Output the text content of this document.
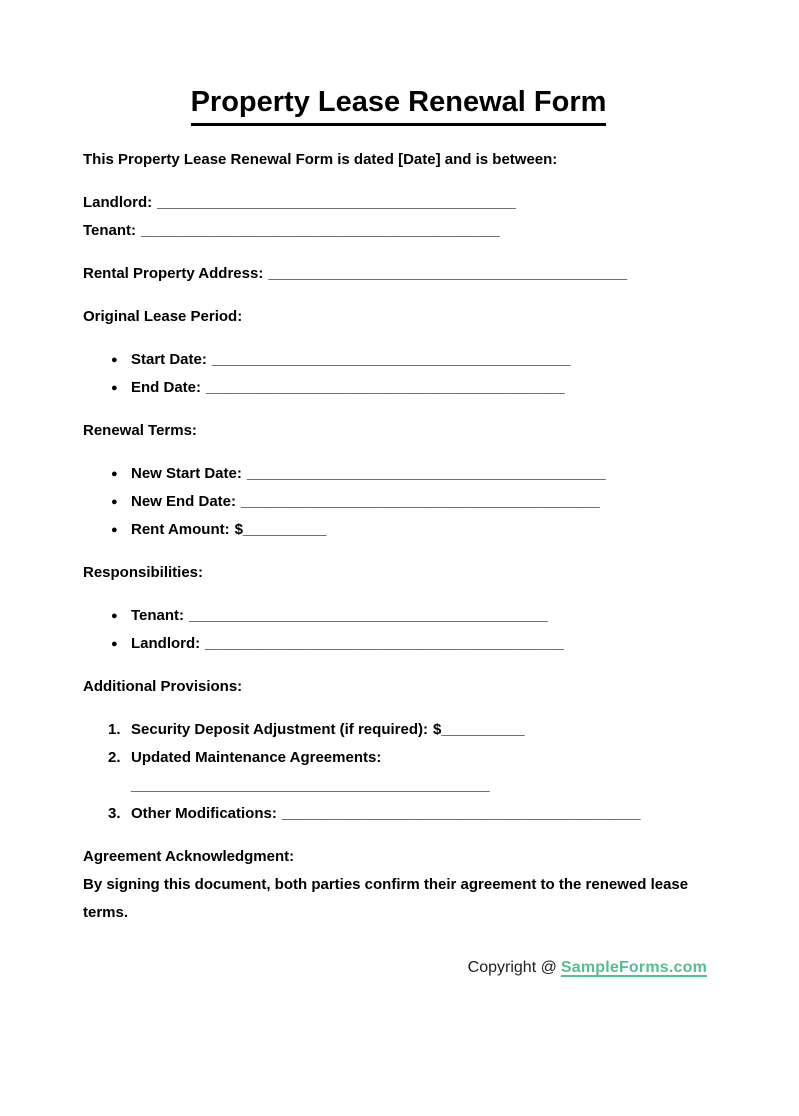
Property Lease Renewal Form

This Property Lease Renewal Form is dated [Date] and is between:

Landlord: ___________________________________________
Tenant: ___________________________________________

Rental Property Address: ___________________________________________

Original Lease Period:

● Start Date: ___________________________________________
● End Date: ___________________________________________

Renewal Terms:

● New Start Date: ___________________________________________
● New End Date: ___________________________________________
● Rent Amount: $__________

Responsibilities:

● Tenant: ___________________________________________
● Landlord: ___________________________________________

Additional Provisions:

1. Security Deposit Adjustment (if required): $__________
2. Updated Maintenance Agreements:
___________________________________________
3. Other Modifications: ___________________________________________

Agreement Acknowledgment:
By signing this document, both parties confirm their agreement to the renewed lease terms.

Copyright @ SampleForms.com
